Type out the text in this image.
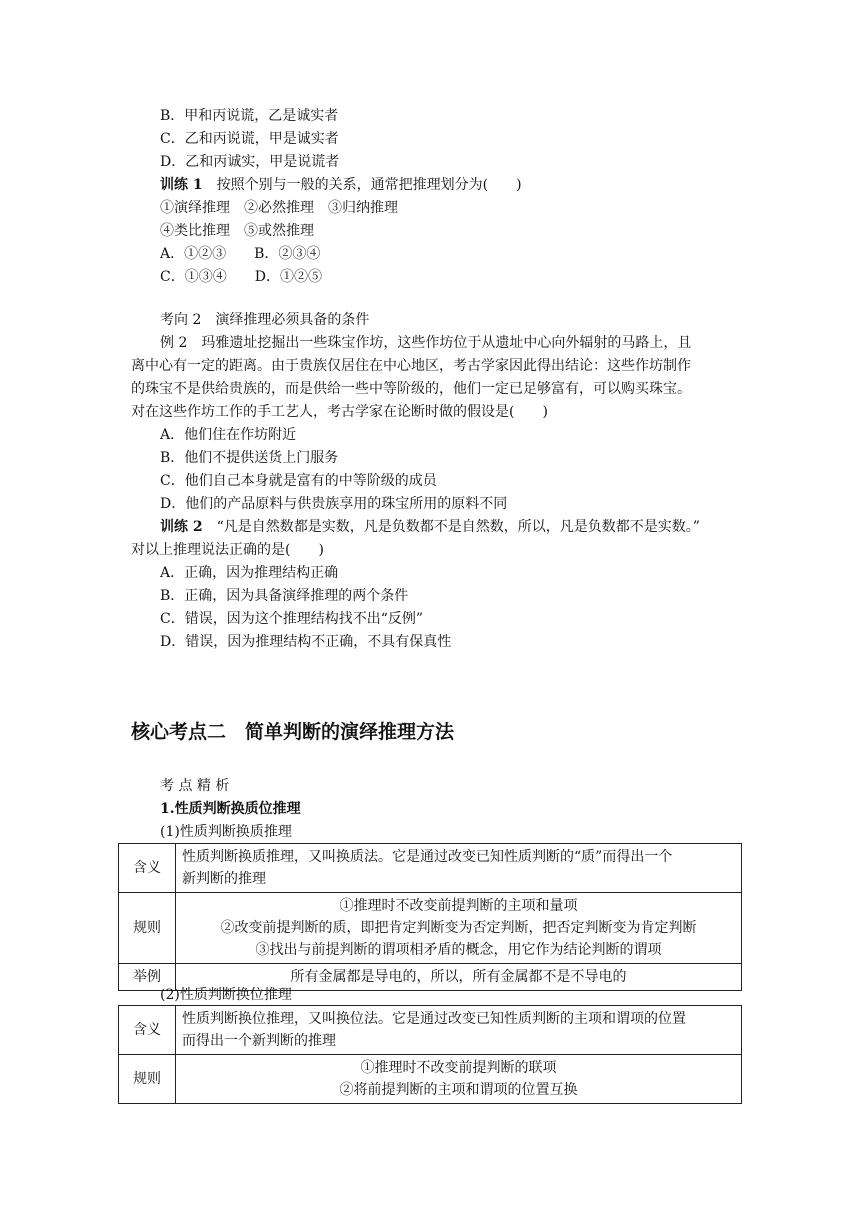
B．甲和丙说谎，乙是诚实者
C．乙和丙说谎，甲是诚实者
D．乙和丙诚实，甲是说谎者
训练 1　 按照个别与一般的关系，通常把推理划分为(　　)
①演绎推理　②必然推理　③归纳推理
④类比推理　⑤或然推理
A．①②③ B．②③④
C．①③④ D．①②⑤
考向 2　演绎推理必须具备的条件
例 2　玛雅遗址挖掘出一些珠宝作坊，这些作坊位于从遗址中心向外辐射的马路上，且
离中心有一定的距离。由于贵族仅居住在中心地区，考古学家因此得出结论：这些作坊制作
的珠宝不是供给贵族的，而是供给一些中等阶级的，他们一定已足够富有，可以购买珠宝。
对在这些作坊工作的手工艺人，考古学家在论断时做的假设是(　　)
A．他们住在作坊附近
B．他们不提供送货上门服务
C．他们自己本身就是富有的中等阶级的成员
D．他们的产品原料与供贵族享用的珠宝所用的原料不同
训练 2　 “凡是自然数都是实数，凡是负数都不是自然数，所以，凡是负数都不是实数。”
对以上推理说法正确的是(　　)
A．正确，因为推理结构正确
B．正确，因为具备演绎推理的两个条件
C．错误，因为这个推理结构找不出“反例”
D．错误，因为推理结构不正确，不具有保真性
核心考点二　简单判断的演绎推理方法
考 点 精 析
1.性质判断换质位推理
(1)性质判断换质推理
含义	性质判断换质推理，又叫换质法。它是通过改变已知性质判断的“质”而得出一个
新判断的推理

规则	①推理时不改变前提判断的主项和量项
②改变前提判断的质，即把肯定判断变为否定判断，把否定判断变为肯定判断
③找出与前提判断的谓项相矛盾的概念，用它作为结论判断的谓项

举例	所有金属都是导电的，所以，所有金属都不是不导电的
(2)性质判断换位推理
含义	性质判断换位推理，又叫换位法。它是通过改变已知性质判断的主项和谓项的位置
而得出一个新判断的推理

规则	①推理时不改变前提判断的联项
②将前提判断的主项和谓项的位置互换
